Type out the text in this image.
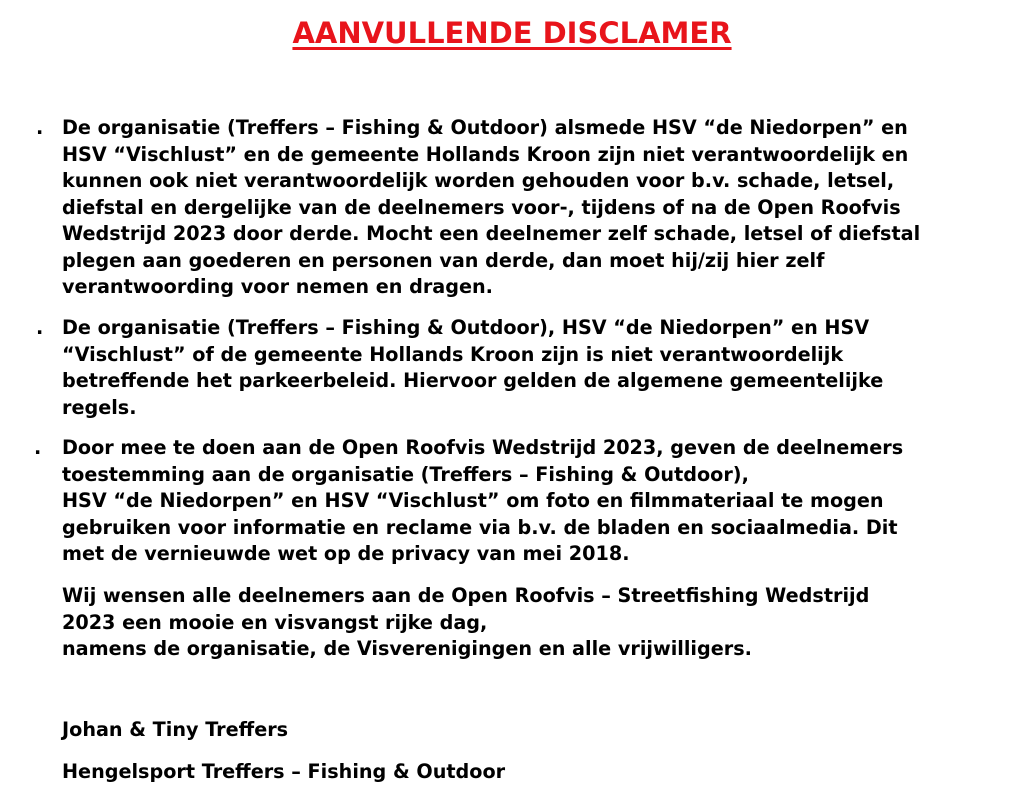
AANVULLENDE DISCLAMER
. De organisatie (Treffers – Fishing & Outdoor) alsmede HSV “de Niedorpen” en
HSV “Vischlust” en de gemeente Hollands Kroon zijn niet verantwoordelijk en
kunnen ook niet verantwoordelijk worden gehouden voor b.v. schade, letsel,
diefstal en dergelijke van de deelnemers voor-, tijdens of na de Open Roofvis
Wedstrijd 2023 door derde. Mocht een deelnemer zelf schade, letsel of diefstal
plegen aan goederen en personen van derde, dan moet hij/zij hier zelf
verantwoording voor nemen en dragen.
. De organisatie (Treffers – Fishing & Outdoor), HSV “de Niedorpen” en HSV
“Vischlust” of de gemeente Hollands Kroon zijn is niet verantwoordelijk
betreffende het parkeerbeleid. Hiervoor gelden de algemene gemeentelijke
regels.
. Door mee te doen aan de Open Roofvis Wedstrijd 2023, geven de deelnemers
toestemming aan de organisatie (Treffers – Fishing & Outdoor),
HSV “de Niedorpen” en HSV “Vischlust” om foto en filmmateriaal te mogen
gebruiken voor informatie en reclame via b.v. de bladen en sociaalmedia. Dit
met de vernieuwde wet op de privacy van mei 2018.
Wij wensen alle deelnemers aan de Open Roofvis – Streetfishing Wedstrijd
2023 een mooie en visvangst rijke dag,
namens de organisatie, de Visverenigingen en alle vrijwilligers.
Johan & Tiny Treffers
Hengelsport Treffers – Fishing & Outdoor
